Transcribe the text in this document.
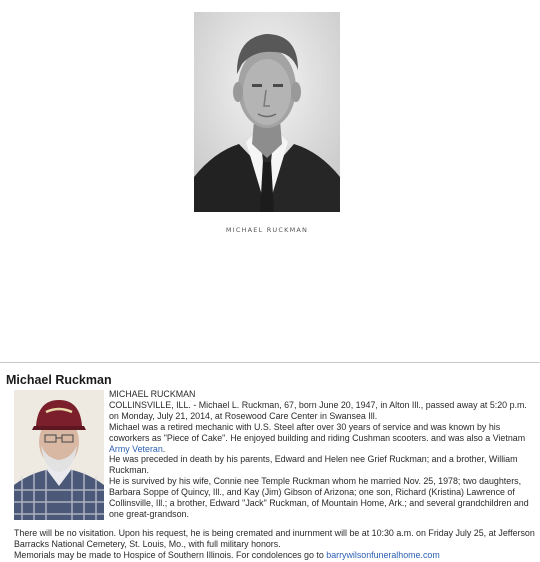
MICHAEL RUCKMAN
Michael Ruckman

MICHAEL RUCKMAN

COLLINSVILLE, ILL. - Michael L. Ruckman, 67, born June 20, 1947, in Alton Ill., passed away at 5:20 p.m. on Monday, July 21, 2014, at Rosewood Care Center in Swansea Ill.

Michael was a retired mechanic with U.S. Steel after over 30 years of service and was known by his coworkers as "Piece of Cake". He enjoyed building and riding Cushman scooters. and was also a Vietnam Army Veteran.

He was preceded in death by his parents, Edward and Helen nee Grief Ruckman; and a brother, William Ruckman.

He is survived by his wife, Connie nee Temple Ruckman whom he married Nov. 25, 1978; two daughters, Barbara Soppe of Quincy, Ill., and Kay (Jim) Gibson of Arizona; one son, Richard (Kristina) Lawrence of Collinsville, Ill.; a brother, Edward "Jack" Ruckman, of Mountain Home, Ark.; and several grandchildren and one great-grandson.

There will be no visitation. Upon his request, he is being cremated and inurnment will be at 10:30 a.m. on Friday July 25, at Jefferson Barracks National Cemetery, St. Louis, Mo., with full military honors.
Memorials may be made to Hospice of Southern Illinois. For condolences go to barrywilsonfuneralhome.com
